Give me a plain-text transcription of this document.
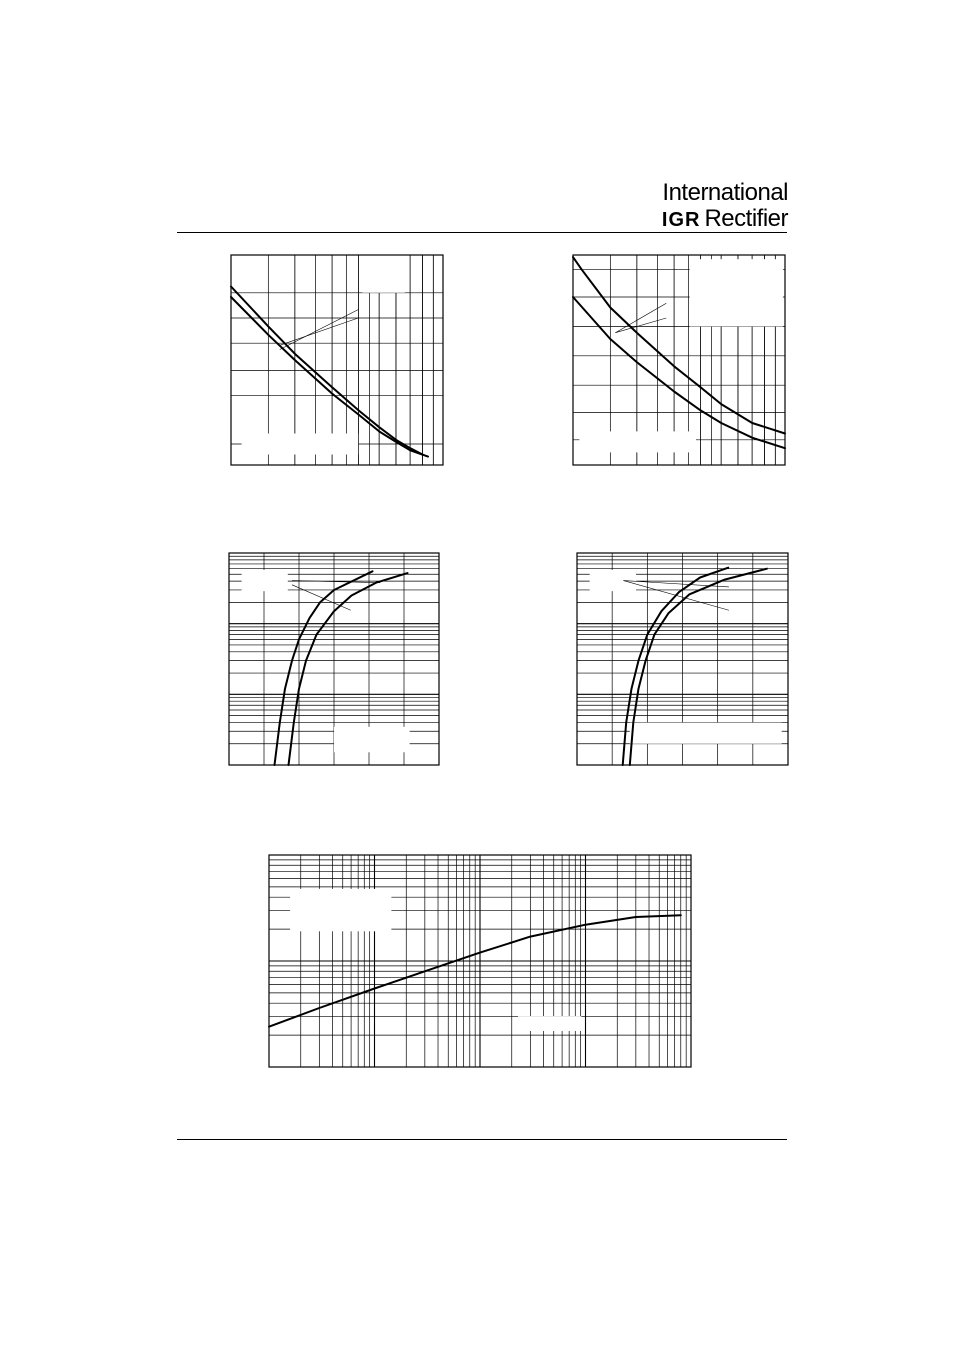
International
IGR Rectifier
